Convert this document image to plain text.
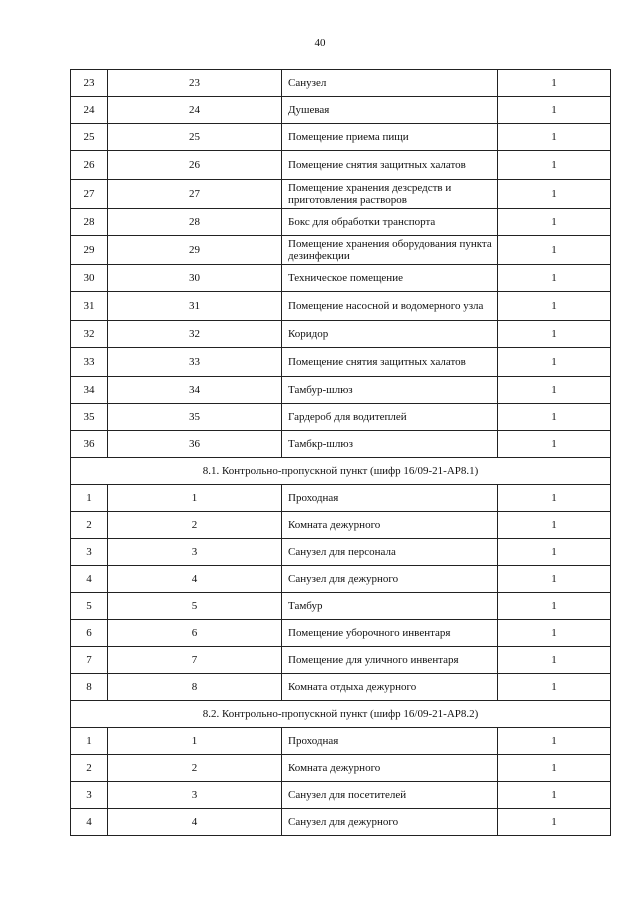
40
23	23	Санузел	1
24	24	Душевая	1
25	25	Помещение приема пищи	1
26	26	Помещение снятия защитных халатов	1
27	27	Помещение хранения дезсредств и приготовления растворов	1
28	28	Бокс для обработки транспорта	1
29	29	Помещение хранения оборудования пункта дезинфекции	1
30	30	Техническое помещение	1
31	31	Помещение насосной и водомерного узла	1
32	32	Коридор	1
33	33	Помещение снятия защитных халатов	1
34	34	Тамбур-шлюз	1
35	35	Гардероб для водитеплей	1
36	36	Тамбкр-шлюз	1
8.1. Контрольно-пропускной пункт (шифр 16/09-21-АР8.1)			
1	1	Проходная	1
2	2	Комната дежурного	1
3	3	Санузел для персонала	1
4	4	Санузел для дежурного	1
5	5	Тамбур	1
6	6	Помещение уборочного инвентаря	1
7	7	Помещение для уличного инвентаря	1
8	8	Комната отдыха дежурного	1
8.2. Контрольно-пропускной пункт (шифр 16/09-21-АР8.2)			
1	1	Проходная	1
2	2	Комната дежурного	1
3	3	Санузел для посетителей	1
4	4	Санузел для дежурного	1
